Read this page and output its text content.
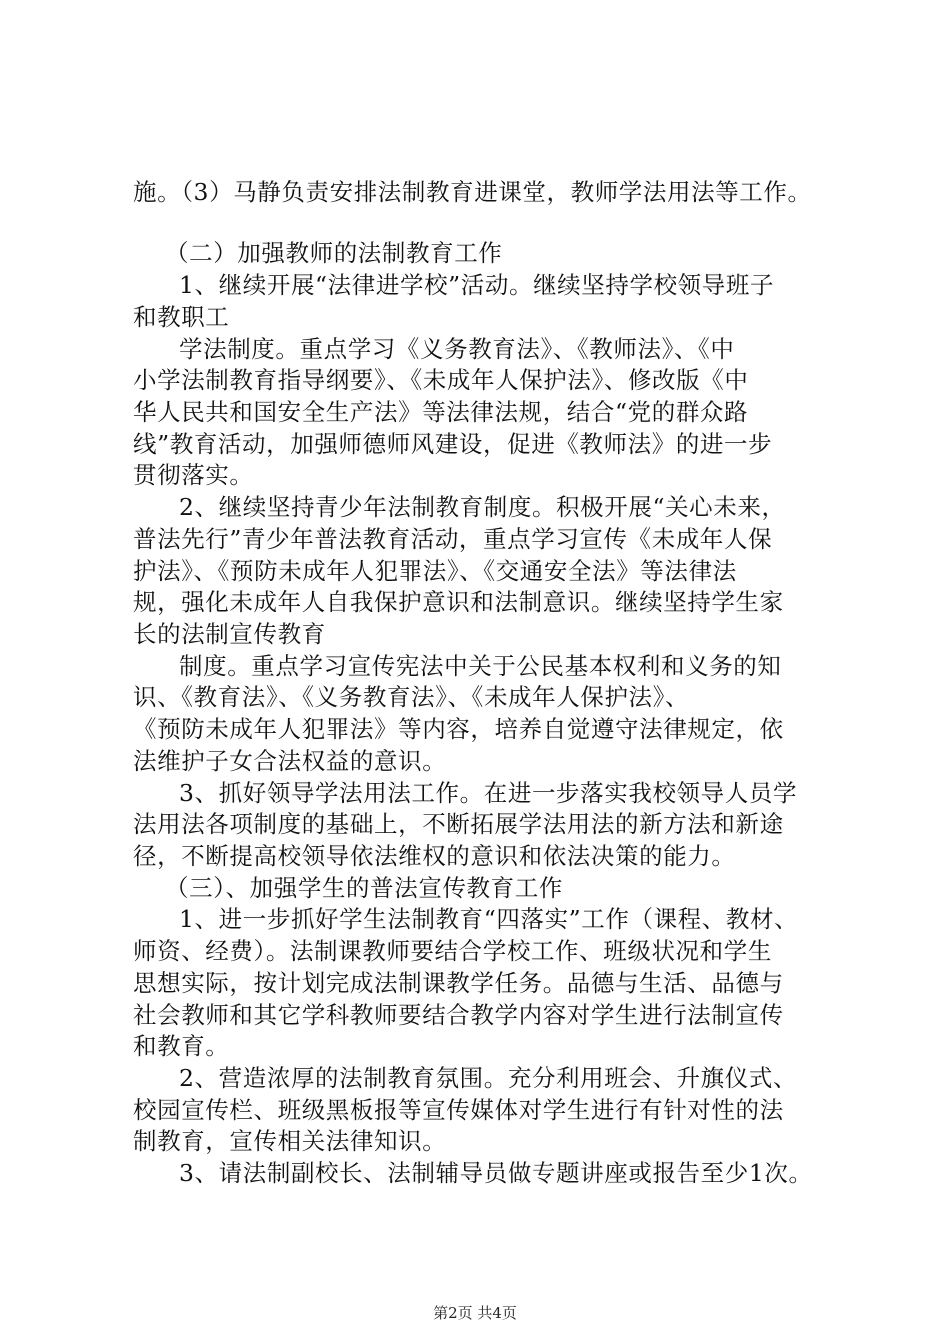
施。（3）马静负责安排法制教育进课堂，教师学法用法等工作。
（二）加强教师的法制教育工作
1、继续开展“法律进学校”活动。继续坚持学校领导班子
和教职工
学法制度。重点学习《义务教育法》、《教师法》、《中
小学法制教育指导纲要》、《未成年人保护法》、修改版《中
华人民共和国安全生产法》等法律法规，结合“党的群众路
线”教育活动，加强师德师风建设，促进《教师法》的进一步
贯彻落实。
2、继续坚持青少年法制教育制度。积极开展“关心未来，
普法先行”青少年普法教育活动，重点学习宣传《未成年人保
护法》、《预防未成年人犯罪法》、《交通安全法》等法律法
规，强化未成年人自我保护意识和法制意识。继续坚持学生家
长的法制宣传教育
制度。重点学习宣传宪法中关于公民基本权利和义务的知
识、《教育法》、《义务教育法》、《未成年人保护法》、
《预防未成年人犯罪法》等内容，培养自觉遵守法律规定，依
法维护子女合法权益的意识。
3、抓好领导学法用法工作。在进一步落实我校领导人员学
法用法各项制度的基础上，不断拓展学法用法的新方法和新途
径，不断提高校领导依法维权的意识和依法决策的能力。
（三）、加强学生的普法宣传教育工作
1、进一步抓好学生法制教育“四落实”工作（课程、教材、
师资、经费）。法制课教师要结合学校工作、班级状况和学生
思想实际，按计划完成法制课教学任务。品德与生活、品德与
社会教师和其它学科教师要结合教学内容对学生进行法制宣传
和教育。
2、营造浓厚的法制教育氛围。充分利用班会、升旗仪式、
校园宣传栏、班级黑板报等宣传媒体对学生进行有针对性的法
制教育，宣传相关法律知识。
3、请法制副校长、法制辅导员做专题讲座或报告至少1次。
第2页 共4页
